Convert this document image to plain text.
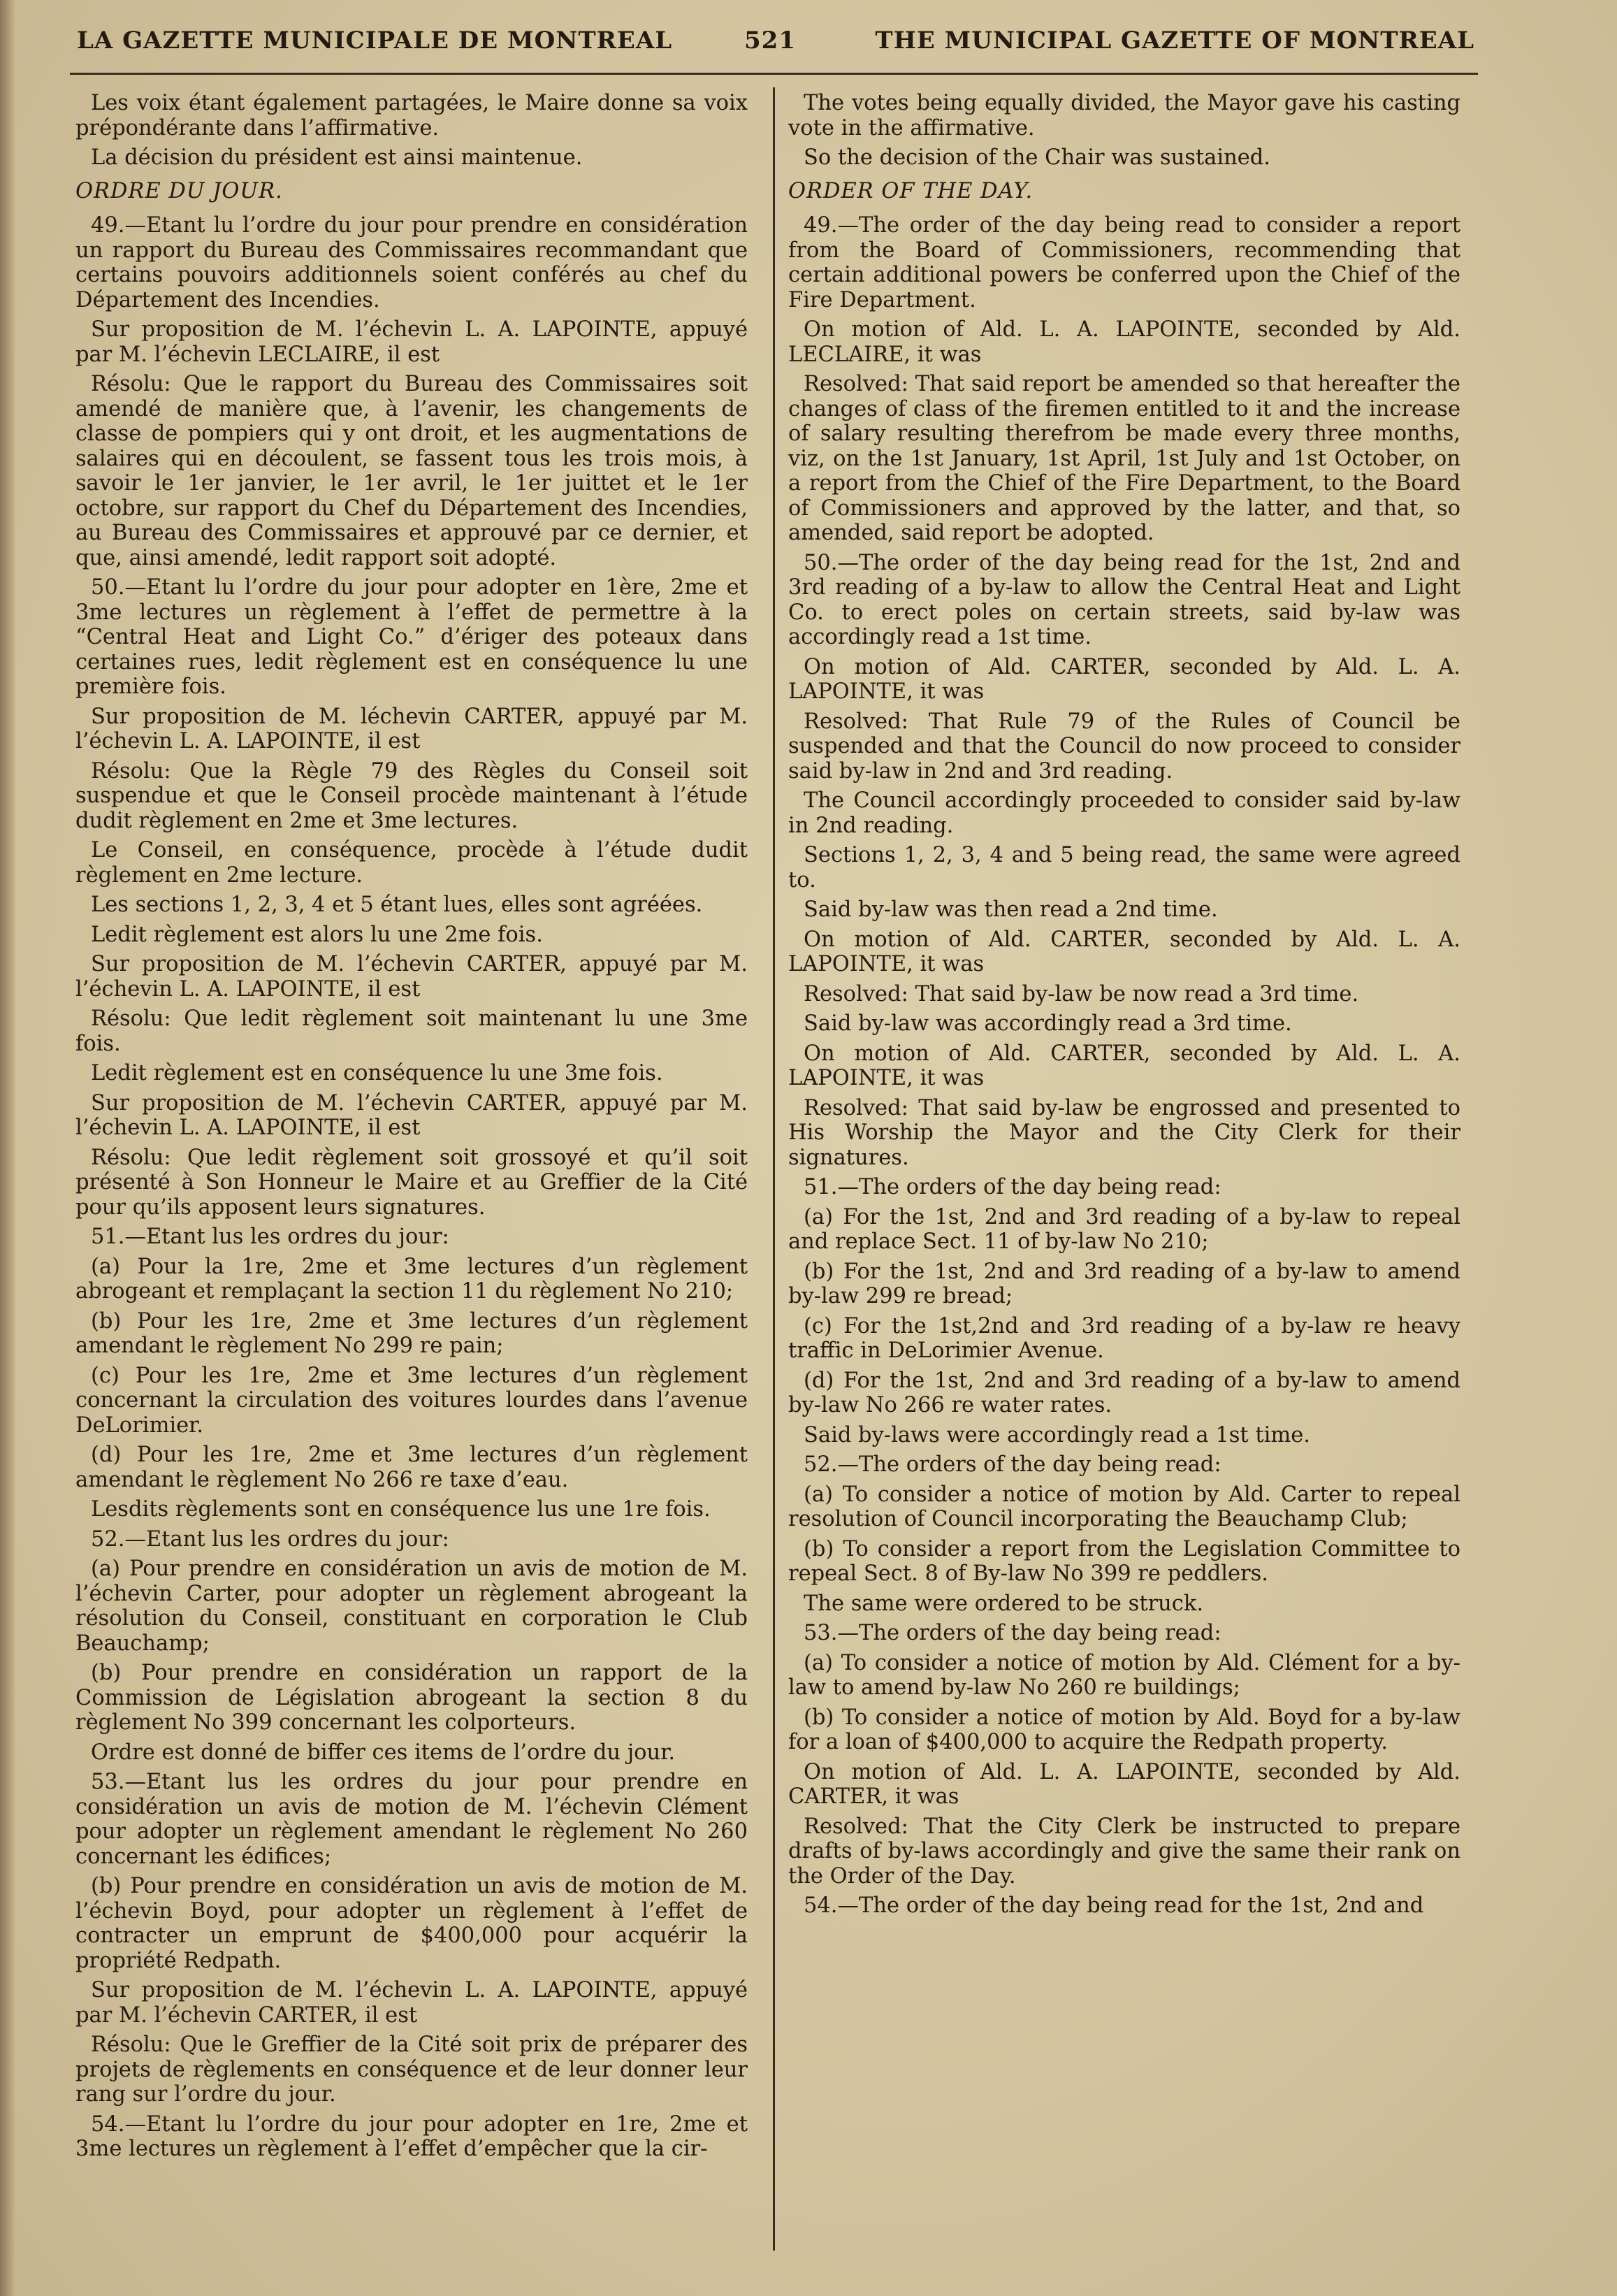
LA GAZETTE MUNICIPALE DE MONTREAL	521	THE MUNICIPAL GAZETTE OF MONTREAL

Les voix étant également partagées, le Maire donne sa voix prépondérante dans l’affirmative.

La décision du président est ainsi maintenue.

ORDRE DU JOUR.

49.—Etant lu l’ordre du jour pour prendre en considération un rapport du Bureau des Commissaires recommandant que certains pouvoirs additionnels soient conférés au chef du Département des Incendies.

Sur proposition de M. l’échevin L. A. LAPOINTE, appuyé par M. l’échevin LECLAIRE, il est

Résolu: Que le rapport du Bureau des Commissaires soit amendé de manière que, à l’avenir, les changements de classe de pompiers qui y ont droit, et les augmentations de salaires qui en découlent, se fassent tous les trois mois, à savoir le 1er janvier, le 1er avril, le 1er juittet et le 1er octobre, sur rapport du Chef du Département des Incendies, au Bureau des Commissaires et approuvé par ce dernier, et que, ainsi amendé, ledit rapport soit adopté.

50.—Etant lu l’ordre du jour pour adopter en 1ère, 2me et 3me lectures un règlement à l’effet de permettre à la “Central Heat and Light Co.” d’ériger des poteaux dans certaines rues, ledit règlement est en conséquence lu une première fois.

Sur proposition de M. léchevin CARTER, appuyé par M. l’échevin L. A. LAPOINTE, il est

Résolu: Que la Règle 79 des Règles du Conseil soit suspendue et que le Conseil procède maintenant à l’étude dudit règlement en 2me et 3me lectures.

Le Conseil, en conséquence, procède à l’étude dudit règlement en 2me lecture.

Les sections 1, 2, 3, 4 et 5 étant lues, elles sont agréées.

Ledit règlement est alors lu une 2me fois.

Sur proposition de M. l’échevin CARTER, appuyé par M. l’échevin L. A. LAPOINTE, il est

Résolu: Que ledit règlement soit maintenant lu une 3me fois.

Ledit règlement est en conséquence lu une 3me fois.

Sur proposition de M. l’échevin CARTER, appuyé par M. l’échevin L. A. LAPOINTE, il est

Résolu: Que ledit règlement soit grossoyé et qu’il soit présenté à Son Honneur le Maire et au Greffier de la Cité pour qu’ils apposent leurs signatures.

51.—Etant lus les ordres du jour:

(a) Pour la 1re, 2me et 3me lectures d’un règlement abrogeant et remplaçant la section 11 du règlement No 210;

(b) Pour les 1re, 2me et 3me lectures d’un règlement amendant le règlement No 299 re pain;

(c) Pour les 1re, 2me et 3me lectures d’un règlement concernant la circulation des voitures lourdes dans l’avenue DeLorimier.

(d) Pour les 1re, 2me et 3me lectures d’un règlement amendant le règlement No 266 re taxe d’eau.

Lesdits règlements sont en conséquence lus une 1re fois.

52.—Etant lus les ordres du jour:

(a) Pour prendre en considération un avis de motion de M. l’échevin Carter, pour adopter un règlement abrogeant la résolution du Conseil, constituant en corporation le Club Beauchamp;

(b) Pour prendre en considération un rapport de la Commission de Législation abrogeant la section 8 du règlement No 399 concernant les colporteurs.

Ordre est donné de biffer ces items de l’ordre du jour.

53.—Etant lus les ordres du jour pour prendre en considération un avis de motion de M. l’échevin Clément pour adopter un règlement amendant le règlement No 260 concernant les édifices;

(b) Pour prendre en considération un avis de motion de M. l’échevin Boyd, pour adopter un règlement à l’effet de contracter un emprunt de $400,000 pour acquérir la propriété Redpath.

Sur proposition de M. l’échevin L. A. LAPOINTE, appuyé par M. l’échevin CARTER, il est

Résolu: Que le Greffier de la Cité soit prix de préparer des projets de règlements en conséquence et de leur donner leur rang sur l’ordre du jour.

54.—Etant lu l’ordre du jour pour adopter en 1re, 2me et 3me lectures un règlement à l’effet d’empêcher que la cir-

The votes being equally divided, the Mayor gave his casting vote in the affirmative.

So the decision of the Chair was sustained.

ORDER OF THE DAY.

49.—The order of the day being read to consider a report from the Board of Commissioners, recommending that certain additional powers be conferred upon the Chief of the Fire Department.

On motion of Ald. L. A. LAPOINTE, seconded by Ald. LECLAIRE, it was

Resolved: That said report be amended so that hereafter the changes of class of the firemen entitled to it and the increase of salary resulting therefrom be made every three months, viz, on the 1st January, 1st April, 1st July and 1st October, on a report from the Chief of the Fire Department, to the Board of Commissioners and approved by the latter, and that, so amended, said report be adopted.

50.—The order of the day being read for the 1st, 2nd and 3rd reading of a by-law to allow the Central Heat and Light Co. to erect poles on certain streets, said by-law was accordingly read a 1st time.

On motion of Ald. CARTER, seconded by Ald. L. A. LAPOINTE, it was

Resolved: That Rule 79 of the Rules of Council be suspended and that the Council do now proceed to consider said by-law in 2nd and 3rd reading.

The Council accordingly proceeded to consider said by-law in 2nd reading.

Sections 1, 2, 3, 4 and 5 being read, the same were agreed to.

Said by-law was then read a 2nd time.

On motion of Ald. CARTER, seconded by Ald. L. A. LAPOINTE, it was

Resolved: That said by-law be now read a 3rd time.

Said by-law was accordingly read a 3rd time.

On motion of Ald. CARTER, seconded by Ald. L. A. LAPOINTE, it was

Resolved: That said by-law be engrossed and presented to His Worship the Mayor and the City Clerk for their signatures.

51.—The orders of the day being read:

(a) For the 1st, 2nd and 3rd reading of a by-law to repeal and replace Sect. 11 of by-law No 210;

(b) For the 1st, 2nd and 3rd reading of a by-law to amend by-law 299 re bread;

(c) For the 1st,2nd and 3rd reading of a by-law re heavy traffic in DeLorimier Avenue.

(d) For the 1st, 2nd and 3rd reading of a by-law to amend by-law No 266 re water rates.

Said by-laws were accordingly read a 1st time.

52.—The orders of the day being read:

(a) To consider a notice of motion by Ald. Carter to repeal resolution of Council incorporating the Beauchamp Club;

(b) To consider a report from the Legislation Committee to repeal Sect. 8 of By-law No 399 re peddlers.

The same were ordered to be struck.

53.—The orders of the day being read:

(a) To consider a notice of motion by Ald. Clément for a by-law to amend by-law No 260 re buildings;

(b) To consider a notice of motion by Ald. Boyd for a by-law for a loan of $400,000 to acquire the Redpath property.

On motion of Ald. L. A. LAPOINTE, seconded by Ald. CARTER, it was

Resolved: That the City Clerk be instructed to prepare drafts of by-laws accordingly and give the same their rank on the Order of the Day.

54.—The order of the day being read for the 1st, 2nd and
